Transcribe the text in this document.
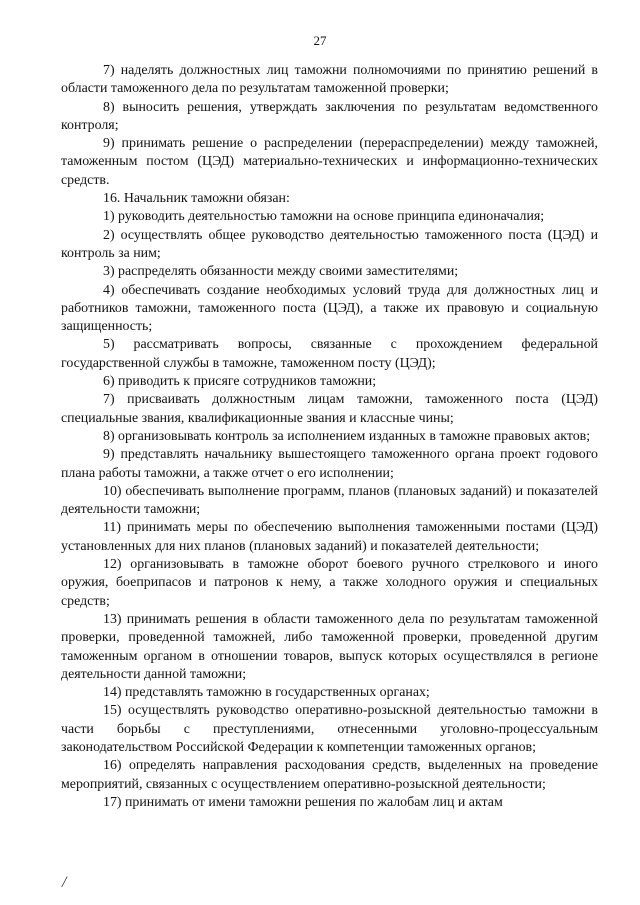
27

7) наделять должностных лиц таможни полномочиями по принятию решений в области таможенного дела по результатам таможенной проверки;

8) выносить решения, утверждать заключения по результатам ведомственного контроля;

9) принимать решение о распределении (перераспределении) между таможней, таможенным постом (ЦЭД) материально-технических и информационно-технических средств.

16. Начальник таможни обязан:

1) руководить деятельностью таможни на основе принципа единоначалия;

2) осуществлять общее руководство деятельностью таможенного поста (ЦЭД) и контроль за ним;

3) распределять обязанности между своими заместителями;

4) обеспечивать создание необходимых условий труда для должностных лиц и работников таможни, таможенного поста (ЦЭД), а также их правовую и социальную защищенность;

5) рассматривать вопросы, связанные с прохождением федеральной государственной службы в таможне, таможенном посту (ЦЭД);

6) приводить к присяге сотрудников таможни;

7) присваивать должностным лицам таможни, таможенного поста (ЦЭД) специальные звания, квалификационные звания и классные чины;

8) организовывать контроль за исполнением изданных в таможне правовых актов;

9) представлять начальнику вышестоящего таможенного органа проект годового плана работы таможни, а также отчет о его исполнении;

10) обеспечивать выполнение программ, планов (плановых заданий) и показателей деятельности таможни;

11) принимать меры по обеспечению выполнения таможенными постами (ЦЭД) установленных для них планов (плановых заданий) и показателей деятельности;

12) организовывать в таможне оборот боевого ручного стрелкового и иного оружия, боеприпасов и патронов к нему, а также холодного оружия и специальных средств;

13) принимать решения в области таможенного дела по результатам таможенной проверки, проведенной таможней, либо таможенной проверки, проведенной другим таможенным органом в отношении товаров, выпуск которых осуществлялся в регионе деятельности данной таможни;

14) представлять таможню в государственных органах;

15) осуществлять руководство оперативно-розыскной деятельностью таможни в части борьбы с преступлениями, отнесенными уголовно-процессуальным законодательством Российской Федерации к компетенции таможенных органов;

16) определять направления расходования средств, выделенных на проведение мероприятий, связанных с осуществлением оперативно-розыскной деятельности;

17) принимать от имени таможни решения по жалобам лиц и актам

/
